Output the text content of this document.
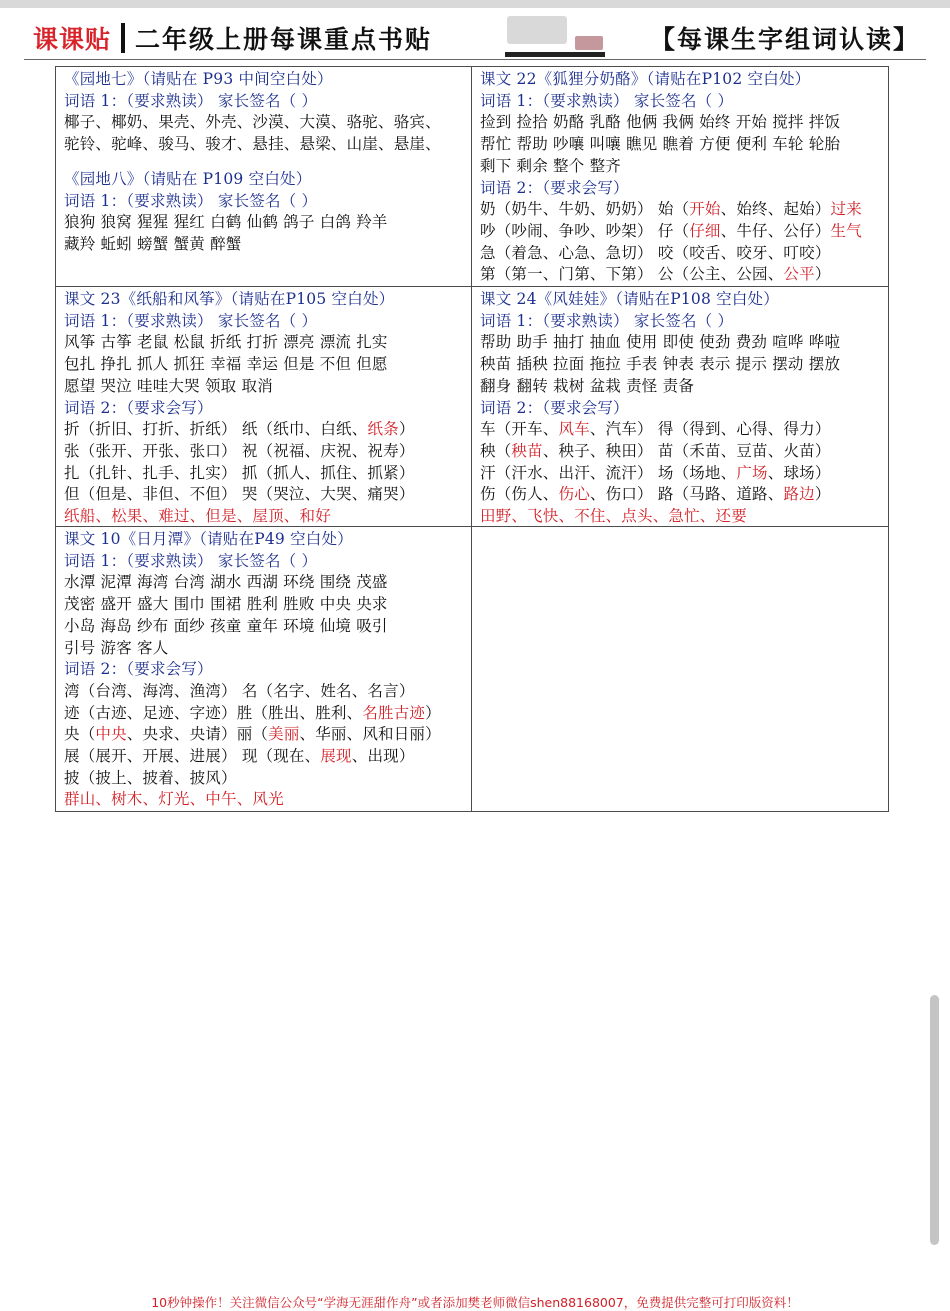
课课贴 二年级上册每课重点书贴	【每课生字组词认读】
《园地七》（请贴在 P93 中间空白处）
词语 1：（要求熟读） 家长签名（ ）
椰子、椰奶、果壳、外壳、沙漠、大漠、骆驼、骆宾、
驼铃、驼峰、骏马、骏才、悬挂、悬梁、山崖、悬崖、
《园地八》（请贴在 P109 空白处）
词语 1：（要求熟读） 家长签名（ ）
狼狗 狼窝 猩猩 猩红 白鹤 仙鹤 鸽子 白鸽 羚羊
藏羚 蚯蚓 螃蟹 蟹黄 醉蟹
课文 22《狐狸分奶酪》（请贴在P102 空白处）
词语 1：（要求熟读） 家长签名（ ）
捡到 捡拾 奶酪 乳酪 他俩 我俩 始终 开始 搅拌 拌饭
帮忙 帮助 吵嚷 叫嚷 瞧见 瞧着 方便 便利 车轮 轮胎
剩下 剩余 整个 整齐
词语 2：（要求会写）
奶（奶牛、牛奶、奶奶） 始（开始、始终、起始）过来
吵（吵闹、争吵、吵架） 仔（仔细、牛仔、公仔）生气
急（着急、心急、急切） 咬（咬舌、咬牙、叮咬）
第（第一、门第、下第） 公（公主、公园、公平）
课文 23《纸船和风筝》（请贴在P105 空白处）
词语 1：（要求熟读） 家长签名（ ）
风筝 古筝 老鼠 松鼠 折纸 打折 漂亮 漂流 扎实
包扎 挣扎 抓人 抓狂 幸福 幸运 但是 不但 但愿
愿望 哭泣 哇哇大哭 领取 取消
词语 2：（要求会写）
折（折旧、打折、折纸） 纸（纸巾、白纸、纸条）
张（张开、开张、张口） 祝（祝福、庆祝、祝寿）
扎（扎针、扎手、扎实） 抓（抓人、抓住、抓紧）
但（但是、非但、不但） 哭（哭泣、大哭、痛哭）
纸船、松果、难过、但是、屋顶、和好
课文 24《风娃娃》（请贴在P108 空白处）
词语 1：（要求熟读） 家长签名（ ）
帮助 助手 抽打 抽血 使用 即使 使劲 费劲 喧哗 哗啦
秧苗 插秧 拉面 拖拉 手表 钟表 表示 提示 摆动 摆放
翻身 翻转 栽树 盆栽 责怪 责备
词语 2：（要求会写）
车（开车、风车、汽车） 得（得到、心得、得力）
秧（秧苗、秧子、秧田） 苗（禾苗、豆苗、火苗）
汗（汗水、出汗、流汗） 场（场地、广场、球场）
伤（伤人、伤心、伤口） 路（马路、道路、路边）
田野、飞快、不住、点头、急忙、还要
课文 10《日月潭》（请贴在P49 空白处）
词语 1：（要求熟读） 家长签名（ ）
水潭 泥潭 海湾 台湾 湖水 西湖 环绕 围绕 茂盛
茂密 盛开 盛大 围巾 围裙 胜利 胜败 中央 央求
小岛 海岛 纱布 面纱 孩童 童年 环境 仙境 吸引
引号 游客 客人
词语 2：（要求会写）
湾（台湾、海湾、渔湾） 名（名字、姓名、名言）
迹（古迹、足迹、字迹）胜（胜出、胜利、名胜古迹）
央（中央、央求、央请）丽（美丽、华丽、风和日丽）
展（展开、开展、进展） 现（现在、展现、出现）
披（披上、披着、披风）
群山、树木、灯光、中午、风光
10秒钟操作！关注微信公众号“学海无涯甜作舟”或者添加樊老师微信shen88168007，免费提供完整可打印版资料！
